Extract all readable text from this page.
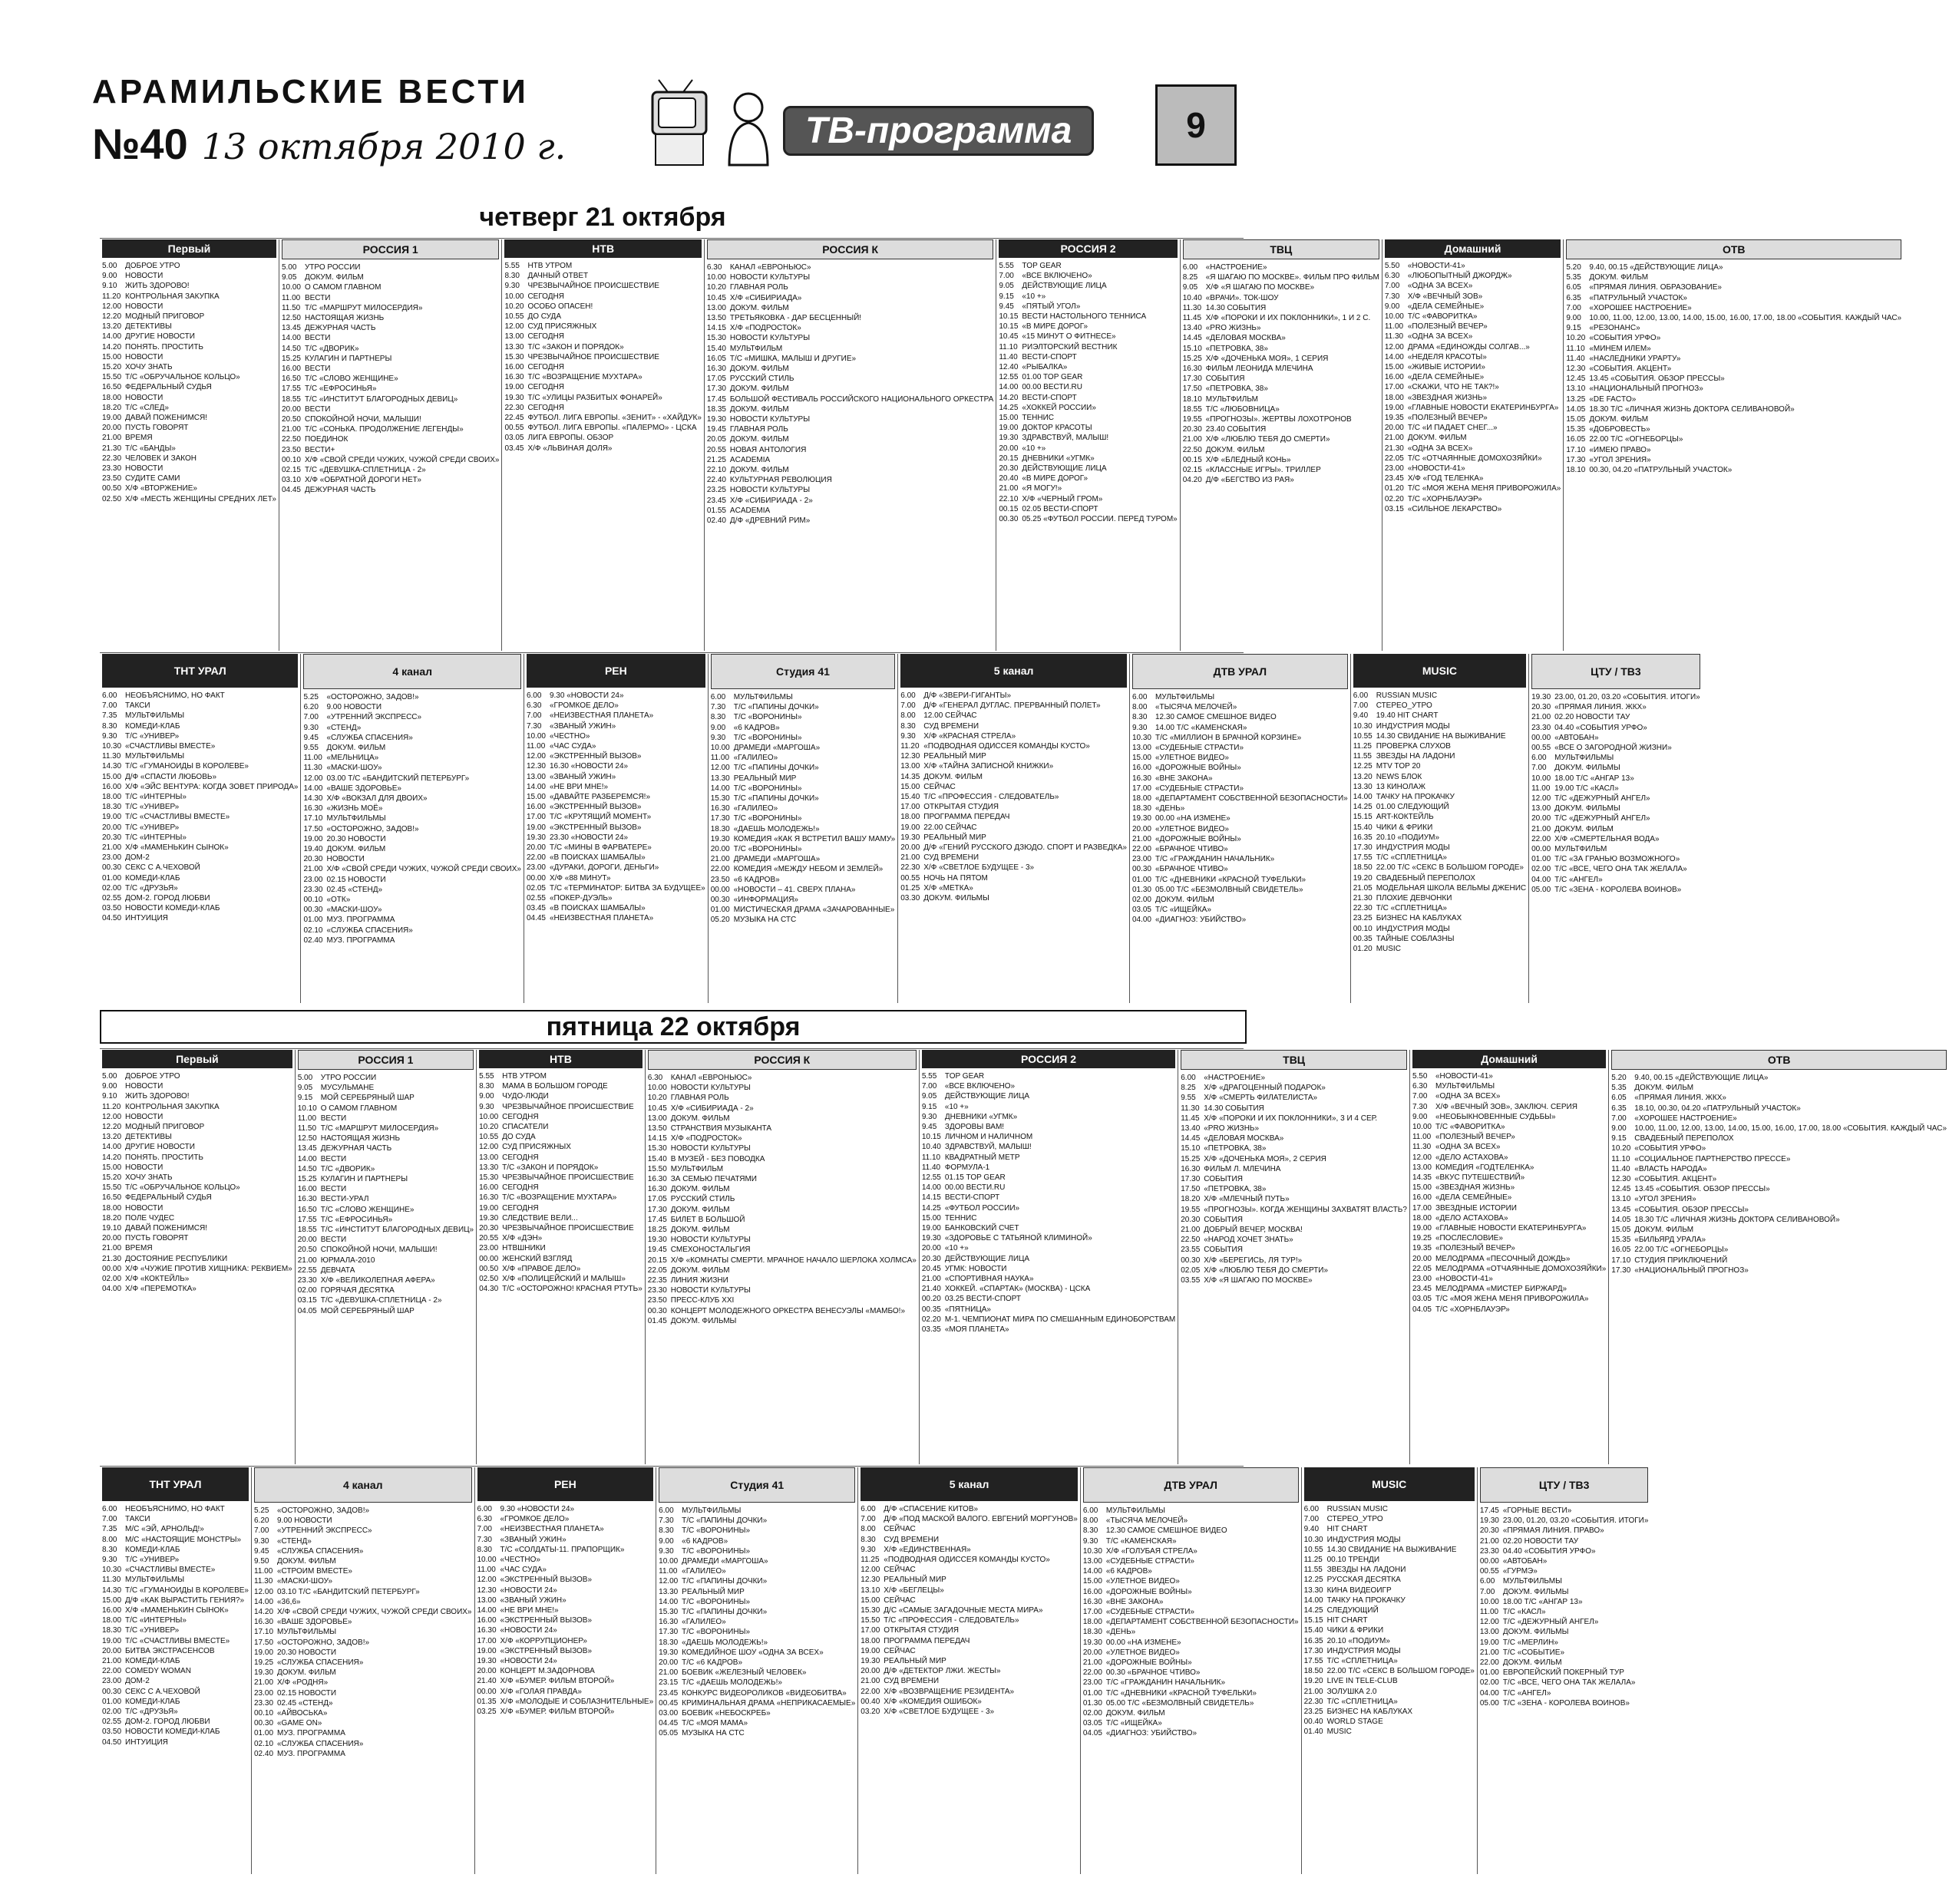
АРАМИЛЬСКИЕ ВЕСТИ
№40 13 октября 2010 г.	ТВ-программа	9
четверг 21 октября
пятница 22 октября
Первый
5.00 ДОБРОЕ УТРО
9.00 НОВОСТИ
9.10 ЖИТЬ ЗДОРОВО!
11.20 КОНТРОЛЬНАЯ ЗАКУПКА
12.00 НОВОСТИ
12.20 МОДНЫЙ ПРИГОВОР
13.20 ДЕТЕКТИВЫ
14.00 ДРУГИЕ НОВОСТИ
14.20 ПОНЯТЬ. ПРОСТИТЬ
15.00 НОВОСТИ
15.20 ХОЧУ ЗНАТЬ
15.50 Т/С «ОБРУЧАЛЬНОЕ КОЛЬЦО»
16.50 ФЕДЕРАЛЬНЫЙ СУДЬЯ
18.00 НОВОСТИ
18.20 Т/С «СЛЕД»
19.00 ДАВАЙ ПОЖЕНИМСЯ!
20.00 ПУСТЬ ГОВОРЯТ
21.00 ВРЕМЯ
21.30 Т/С «БАНДЫ»
22.30 ЧЕЛОВЕК И ЗАКОН
23.30 НОВОСТИ
23.50 СУДИТЕ САМИ
00.50 Х/Ф «ВТОРЖЕНИЕ»
02.50 Х/Ф «МЕСТЬ ЖЕНЩИНЫ СРЕДНИХ ЛЕТ»
РОССИЯ 1
5.00 УТРО РОССИИ
9.05 ДОКУМ. ФИЛЬМ
10.00 О САМОМ ГЛАВНОМ
11.00 ВЕСТИ
11.50 Т/С «МАРШРУТ МИЛОСЕРДИЯ»
12.50 НАСТОЯЩАЯ ЖИЗНЬ
13.45 ДЕЖУРНАЯ ЧАСТЬ
14.00 ВЕСТИ
14.50 Т/С «ДВОРИК»
15.25 КУЛАГИН И ПАРТНЕРЫ
16.00 ВЕСТИ
16.50 Т/С «СЛОВО ЖЕНЩИНЕ»
17.55 Т/С «ЕФРОСИНЬЯ»
18.55 Т/С «ИНСТИТУТ БЛАГОРОДНЫХ ДЕВИЦ»
20.00 ВЕСТИ
20.50 СПОКОЙНОЙ НОЧИ, МАЛЫШИ!
21.00 Т/С «СОНЬКА. ПРОДОЛЖЕНИЕ ЛЕГЕНДЫ»
22.50 ПОЕДИНОК
23.50 ВЕСТИ+
00.10 Х/Ф «СВОЙ СРЕДИ ЧУЖИХ, ЧУЖОЙ СРЕДИ СВОИХ»
02.15 Т/С «ДЕВУШКА-СПЛЕТНИЦА - 2»
03.10 Х/Ф «ОБРАТНОЙ ДОРОГИ НЕТ»
04.45 ДЕЖУРНАЯ ЧАСТЬ
НТВ
5.55 НТВ УТРОМ
8.30 ДАЧНЫЙ ОТВЕТ
9.30 ЧРЕЗВЫЧАЙНОЕ ПРОИСШЕСТВИЕ
10.00 СЕГОДНЯ
10.20 ОСОБО ОПАСЕН!
10.55 ДО СУДА
12.00 СУД ПРИСЯЖНЫХ
13.00 СЕГОДНЯ
13.30 Т/С «ЗАКОН И ПОРЯДОК»
15.30 ЧРЕЗВЫЧАЙНОЕ ПРОИСШЕСТВИЕ
16.00 СЕГОДНЯ
16.30 Т/С «ВОЗРАЩЕНИЕ МУХТАРА»
19.00 СЕГОДНЯ
19.30 Т/С «УЛИЦЫ РАЗБИТЫХ ФОНАРЕЙ»
22.30 СЕГОДНЯ
22.45 ФУТБОЛ. ЛИГА ЕВРОПЫ. «ЗЕНИТ» - «ХАЙДУК»
00.55 ФУТБОЛ. ЛИГА ЕВРОПЫ. «ПАЛЕРМО» - ЦСКА
03.05 ЛИГА ЕВРОПЫ. ОБЗОР
03.45 Х/Ф «ЛЬВИНАЯ ДОЛЯ»
РОССИЯ К
6.30 КАНАЛ «ЕВРОНЬЮС»
10.00 НОВОСТИ КУЛЬТУРЫ
10.20 ГЛАВНАЯ РОЛЬ
10.45 Х/Ф «СИБИРИАДА»
13.00 ДОКУМ. ФИЛЬМ
13.50 ТРЕТЬЯКОВКА - ДАР БЕСЦЕННЫЙ!
14.15 Х/Ф «ПОДРОСТОК»
15.30 НОВОСТИ КУЛЬТУРЫ
15.40 МУЛЬТФИЛЬМ
16.05 Т/С «МИШКА, МАЛЫШ И ДРУГИЕ»
16.30 ДОКУМ. ФИЛЬМ
17.05 РУССКИЙ СТИЛЬ
17.30 ДОКУМ. ФИЛЬМ
17.45 БОЛЬШОЙ ФЕСТИВАЛЬ РОССИЙСКОГО НАЦИОНАЛЬНОГО ОРКЕСТРА
18.35 ДОКУМ. ФИЛЬМ
19.30 НОВОСТИ КУЛЬТУРЫ
19.45 ГЛАВНАЯ РОЛЬ
20.05 ДОКУМ. ФИЛЬМ
20.55 НОВАЯ АНТОЛОГИЯ
21.25 ACADEMIA
22.10 ДОКУМ. ФИЛЬМ
22.40 КУЛЬТУРНАЯ РЕВОЛЮЦИЯ
23.25 НОВОСТИ КУЛЬТУРЫ
23.45 Х/Ф «СИБИРИАДА - 2»
01.55 ACADEMIA
02.40 Д/Ф «ДРЕВНИЙ РИМ»
РОССИЯ 2
5.55 TOP GEAR
7.00 «ВСЕ ВКЛЮЧЕНО»
9.05 ДЕЙСТВУЮЩИЕ ЛИЦА
9.15 «10 +»
9.45 «ПЯТЫЙ УГОЛ»
10.15 ВЕСТИ НАСТОЛЬНОГО ТЕННИСА
10.15 «В МИРЕ ДОРОГ»
10.45 «15 МИНУТ О ФИТНЕСЕ»
11.10 РИЭЛТОРСКИЙ ВЕСТНИК
11.40 ВЕСТИ-СПОРТ
12.40 «РЫБАЛКА»
12.55 01.00 TOP GEAR
14.00 00.00 ВЕСТИ.RU
14.20 ВЕСТИ-СПОРТ
14.25 «ХОККЕЙ РОССИИ»
15.00 ТЕННИС
19.00 ДОКТОР КРАСОТЫ
19.30 ЗДРАВСТВУЙ, МАЛЫШ!
20.00 «10 +»
20.15 ДНЕВНИКИ «УГМК»
20.30 ДЕЙСТВУЮЩИЕ ЛИЦА
20.40 «В МИРЕ ДОРОГ»
21.00 «Я МОГУ!»
22.10 Х/Ф «ЧЕРНЫЙ ГРОМ»
00.15 02.05 ВЕСТИ-СПОРТ
00.30 05.25 «ФУТБОЛ РОССИИ. ПЕРЕД ТУРОМ»
ТВЦ
6.00 «НАСТРОЕНИЕ»
8.25 «Я ШАГАЮ ПО МОСКВЕ». ФИЛЬМ ПРО ФИЛЬМ
9.05 Х/Ф «Я ШАГАЮ ПО МОСКВЕ»
10.40 «ВРАЧИ». ТОК-ШОУ
11.30 14.30 СОБЫТИЯ
11.45 Х/Ф «ПОРОКИ И ИХ ПОКЛОННИКИ», 1 И 2 С.
13.40 «PRO ЖИЗНЬ»
14.45 «ДЕЛОВАЯ МОСКВА»
15.10 «ПЕТРОВКА, 38»
15.25 Х/Ф «ДОЧЕНЬКА МОЯ», 1 СЕРИЯ
16.30 ФИЛЬМ ЛЕОНИДА МЛЕЧИНА
17.30 СОБЫТИЯ
17.50 «ПЕТРОВКА, 38»
18.10 МУЛЬТФИЛЬМ
18.55 Т/С «ЛЮБОВНИЦА»
19.55 «ПРОГНОЗЫ». ЖЕРТВЫ ЛОХОТРОНОВ
20.30 23.40 СОБЫТИЯ
21.00 Х/Ф «ЛЮБЛЮ ТЕБЯ ДО СМЕРТИ»
22.50 ДОКУМ. ФИЛЬМ
00.15 Х/Ф «БЛЕДНЫЙ КОНЬ»
02.15 «КЛАССНЫЕ ИГРЫ». ТРИЛЛЕР
04.20 Д/Ф «БЕГСТВО ИЗ РАЯ»
Домашний
5.50 «НОВОСТИ-41»
6.30 «ЛЮБОПЫТНЫЙ ДЖОРДЖ»
7.00 «ОДНА ЗА ВСЕХ»
7.30 Х/Ф «ВЕЧНЫЙ ЗОВ»
9.00 «ДЕЛА СЕМЕЙНЫЕ»
10.00 Т/С «ФАВОРИТКА»
11.00 «ПОЛЕЗНЫЙ ВЕЧЕР»
11.30 «ОДНА ЗА ВСЕХ»
12.00 ДРАМА «ЕДИНОЖДЫ СОЛГАВ...»
14.00 «НЕДЕЛЯ КРАСОТЫ»
15.00 «ЖИВЫЕ ИСТОРИИ»
16.00 «ДЕЛА СЕМЕЙНЫЕ»
17.00 «СКАЖИ, ЧТО НЕ ТАК?!»
18.00 «ЗВЕЗДНАЯ ЖИЗНЬ»
19.00 «ГЛАВНЫЕ НОВОСТИ ЕКАТЕРИНБУРГА»
19.35 «ПОЛЕЗНЫЙ ВЕЧЕР»
20.00 Т/С «И ПАДАЕТ СНЕГ...»
21.00 ДОКУМ. ФИЛЬМ
21.30 «ОДНА ЗА ВСЕХ»
22.05 Т/С «ОТЧАЯННЫЕ ДОМОХОЗЯЙКИ»
23.00 «НОВОСТИ-41»
23.45 Х/Ф «ГОД ТЕЛЕНКА»
01.20 Т/С «МОЯ ЖЕНА МЕНЯ ПРИВОРОЖИЛА»
02.20 Т/С «ХОРНБЛАУЭР»
03.15 «СИЛЬНОЕ ЛЕКАРСТВО»
ОТВ
5.20 9.40, 00.15 «ДЕЙСТВУЮЩИЕ ЛИЦА»
5.35 ДОКУМ. ФИЛЬМ
6.05 «ПРЯМАЯ ЛИНИЯ. ОБРАЗОВАНИЕ»
6.35 «ПАТРУЛЬНЫЙ УЧАСТОК»
7.00 «ХОРОШЕЕ НАСТРОЕНИЕ»
9.00 10.00, 11.00, 12.00, 13.00, 14.00, 15.00, 16.00, 17.00, 18.00 «СОБЫТИЯ. КАЖДЫЙ ЧАС»
9.15 «РЕЗОНАНС»
10.20 «СОБЫТИЯ УРФО»
11.10 «МИНЕМ ИЛЕМ»
11.40 «НАСЛЕДНИКИ УРАРТУ»
12.30 «СОБЫТИЯ. АКЦЕНТ»
12.45 13.45 «СОБЫТИЯ. ОБЗОР ПРЕССЫ»
13.10 «НАЦИОНАЛЬНЫЙ ПРОГНОЗ»
13.25 «DE FACTO»
14.05 18.30 Т/С «ЛИЧНАЯ ЖИЗНЬ ДОКТОРА СЕЛИВАНОВОЙ»
15.05 ДОКУМ. ФИЛЬМ
15.35 «ДОБРОВЕСТЬ»
16.05 22.00 Т/С «ОГНЕБОРЦЫ»
17.10 «ИМЕЮ ПРАВО»
17.30 «УГОЛ ЗРЕНИЯ»
18.10 00.30, 04.20 «ПАТРУЛЬНЫЙ УЧАСТОК»
ТНТ УРАЛ
6.00 НЕОБЪЯСНИМО, НО ФАКТ
7.00 ТАКСИ
7.35 МУЛЬТФИЛЬМЫ
8.30 КОМЕДИ-КЛАБ
9.30 Т/С «УНИВЕР»
10.30 «СЧАСТЛИВЫ ВМЕСТЕ»
11.30 МУЛЬТФИЛЬМЫ
14.30 Т/С «ГУМАНОИДЫ В КОРОЛЕВЕ»
15.00 Д/Ф «СПАСТИ ЛЮБОВЬ»
16.00 Х/Ф «ЭЙС ВЕНТУРА: КОГДА ЗОВЕТ ПРИРОДА»
18.00 Т/С «ИНТЕРНЫ»
18.30 Т/С «УНИВЕР»
19.00 Т/С «СЧАСТЛИВЫ ВМЕСТЕ»
20.00 Т/С «УНИВЕР»
20.30 Т/С «ИНТЕРНЫ»
21.00 Х/Ф «МАМЕНЬКИН СЫНОК»
23.00 ДОМ-2
00.30 СЕКС С А.ЧЕХОВОЙ
01.00 КОМЕДИ-КЛАБ
02.00 Т/С «ДРУЗЬЯ»
02.55 ДОМ-2. ГОРОД ЛЮБВИ
03.50 НОВОСТИ КОМЕДИ-КЛАБ
04.50 ИНТУИЦИЯ
4 канал
5.25 «ОСТОРОЖНО, ЗАДОВ!»
6.20 9.00 НОВОСТИ
7.00 «УТРЕННИЙ ЭКСПРЕСС»
9.30 «СТЕНД»
9.45 «СЛУЖБА СПАСЕНИЯ»
9.55 ДОКУМ. ФИЛЬМ
11.00 «МЕЛЬНИЦА»
11.30 «МАСКИ-ШОУ»
12.00 03.00 Т/С «БАНДИТСКИЙ ПЕТЕРБУРГ»
14.00 «ВАШЕ ЗДОРОВЬЕ»
14.30 Х/Ф «ВОКЗАЛ ДЛЯ ДВОИХ»
16.30 «ЖИЗНЬ МОЁ»
17.10 МУЛЬТФИЛЬМЫ
17.50 «ОСТОРОЖНО, ЗАДОВ!»
19.00 20.30 НОВОСТИ
19.40 ДОКУМ. ФИЛЬМ
20.30 НОВОСТИ
21.00 Х/Ф «СВОЙ СРЕДИ ЧУЖИХ, ЧУЖОЙ СРЕДИ СВОИХ»
23.00 02.15 НОВОСТИ
23.30 02.45 «СТЕНД»
00.10 «ОТК»
00.30 «МАСКИ-ШОУ»
01.00 МУЗ. ПРОГРАММА
02.10 «СЛУЖБА СПАСЕНИЯ»
02.40 МУЗ. ПРОГРАММА
РЕН
6.00 9.30 «НОВОСТИ 24»
6.30 «ГРОМКОЕ ДЕЛО»
7.00 «НЕИЗВЕСТНАЯ ПЛАНЕТА»
7.30 «ЗВАНЫЙ УЖИН»
10.00 «ЧЕСТНО»
11.00 «ЧАС СУДА»
12.00 «ЭКСТРЕННЫЙ ВЫЗОВ»
12.30 16.30 «НОВОСТИ 24»
13.00 «ЗВАНЫЙ УЖИН»
14.00 «НЕ ВРИ МНЕ!»
15.00 «ДАВАЙТЕ РАЗБЕРЕМСЯ!»
16.00 «ЭКСТРЕННЫЙ ВЫЗОВ»
17.00 Т/С «КРУТЯЩИЙ МОМЕНТ»
19.00 «ЭКСТРЕННЫЙ ВЫЗОВ»
19.30 23.30 «НОВОСТИ 24»
20.00 Т/С «МИНЫ В ФАРВАТЕРЕ»
22.00 «В ПОИСКАХ ШАМБАЛЫ»
23.00 «ДУРАКИ, ДОРОГИ, ДЕНЬГИ»
00.00 Х/Ф «88 МИНУТ»
02.05 Т/С «ТЕРМИНАТОР: БИТВА ЗА БУДУЩЕЕ»
02.55 «ПОКЕР-ДУЭЛЬ»
03.45 «В ПОИСКАХ ШАМБАЛЫ»
04.45 «НЕИЗВЕСТНАЯ ПЛАНЕТА»
Студия 41
6.00 МУЛЬТФИЛЬМЫ
7.30 Т/С «ПАПИНЫ ДОЧКИ»
8.30 Т/С «ВОРОНИНЫ»
9.00 «6 КАДРОВ»
9.30 Т/С «ВОРОНИНЫ»
10.00 ДРАМЕДИ «МАРГОША»
11.00 «ГАЛИЛЕО»
12.00 Т/С «ПАПИНЫ ДОЧКИ»
13.30 РЕАЛЬНЫЙ МИР
14.00 Т/С «ВОРОНИНЫ»
15.30 Т/С «ПАПИНЫ ДОЧКИ»
16.30 «ГАЛИЛЕО»
17.30 Т/С «ВОРОНИНЫ»
18.30 «ДАЕШЬ МОЛОДЕЖЬ!»
19.30 КОМЕДИЯ «КАК Я ВСТРЕТИЛ ВАШУ МАМУ»
20.00 Т/С «ВОРОНИНЫ»
21.00 ДРАМЕДИ «МАРГОША»
22.00 КОМЕДИЯ «МЕЖДУ НЕБОМ И ЗЕМЛЕЙ»
23.50 «6 КАДРОВ»
00.00 «НОВОСТИ – 41. СВЕРХ ПЛАНА»
00.30 «ИНФОРМАЦИЯ»
01.00 МИСТИЧЕСКАЯ ДРАМА «ЗАЧАРОВАННЫЕ»
05.20 МУЗЫКА НА СТС
5 канал
6.00 Д/Ф «ЗВЕРИ-ГИГАНТЫ»
7.00 Д/Ф «ГЕНЕРАЛ ДУГЛАС. ПРЕРВАННЫЙ ПОЛЕТ»
8.00 12.00 СЕЙЧАС
8.30 СУД ВРЕМЕНИ
9.30 Х/Ф «КРАСНАЯ СТРЕЛА»
11.20 «ПОДВОДНАЯ ОДИССЕЯ КОМАНДЫ КУСТО»
12.30 РЕАЛЬНЫЙ МИР
13.00 Х/Ф «ТАЙНА ЗАПИСНОЙ КНИЖКИ»
14.35 ДОКУМ. ФИЛЬМ
15.00 СЕЙЧАС
15.40 Т/С «ПРОФЕССИЯ - СЛЕДОВАТЕЛЬ»
17.00 ОТКРЫТАЯ СТУДИЯ
18.00 ПРОГРАММА ПЕРЕДАЧ
19.00 22.00 СЕЙЧАС
19.30 РЕАЛЬНЫЙ МИР
20.00 Д/Ф «ГЕНИЙ РУССКОГО ДЗЮДО. СПОРТ И РАЗВЕДКА»
21.00 СУД ВРЕМЕНИ
22.30 Х/Ф «СВЕТЛОЕ БУДУЩЕЕ - 3»
00.55 НОЧЬ НА ПЯТОМ
01.25 Х/Ф «МЕТКА»
03.30 ДОКУМ. ФИЛЬМЫ
ДТВ УРАЛ
6.00 МУЛЬТФИЛЬМЫ
8.00 «ТЫСЯЧА МЕЛОЧЕЙ»
8.30 12.30 САМОЕ СМЕШНОЕ ВИДЕО
9.30 14.00 Т/С «КАМЕНСКАЯ»
10.30 Т/С «МИЛЛИОН В БРАЧНОЙ КОРЗИНЕ»
13.00 «СУДЕБНЫЕ СТРАСТИ»
15.00 «УЛЕТНОЕ ВИДЕО»
16.00 «ДОРОЖНЫЕ ВОЙНЫ»
16.30 «ВНЕ ЗАКОНА»
17.00 «СУДЕБНЫЕ СТРАСТИ»
18.00 «ДЕПАРТАМЕНТ СОБСТВЕННОЙ БЕЗОПАСНОСТИ»
18.30 «ДЕНЬ»
19.30 00.00 «НА ИЗМЕНЕ»
20.00 «УЛЕТНОЕ ВИДЕО»
21.00 «ДОРОЖНЫЕ ВОЙНЫ»
22.00 «БРАЧНОЕ ЧТИВО»
23.00 Т/С «ГРАЖДАНИН НАЧАЛЬНИК»
00.30 «БРАЧНОЕ ЧТИВО»
01.00 Т/С «ДНЕВНИКИ «КРАСНОЙ ТУФЕЛЬКИ»
01.30 05.00 Т/С «БЕЗМОЛВНЫЙ СВИДЕТЕЛЬ»
02.00 ДОКУМ. ФИЛЬМ
03.05 Т/С «ИЩЕЙКА»
04.00 «ДИАГНОЗ: УБИЙСТВО»
MUSIC
6.00 RUSSIAN MUSIC
7.00 СТЕРЕО_УТРО
9.40 19.40 HIT CHART
10.30 ИНДУСТРИЯ МОДЫ
10.55 14.30 СВИДАНИЕ НА ВЫЖИВАНИЕ
11.25 ПРОВЕРКА СЛУХОВ
11.55 ЗВЕЗДЫ НА ЛАДОНИ
12.25 MTV TOP 20
13.20 NEWS БЛОК
13.30 13 КИНОЛАЖ
14.00 ТАЧКУ НА ПРОКАЧКУ
14.25 01.00 СЛЕДУЮЩИЙ
15.15 ART-КОКТЕЙЛЬ
15.40 ЧИКИ & ФРИКИ
16.35 20.10 «ПОДИУМ»
17.30 ИНДУСТРИЯ МОДЫ
17.55 Т/С «СПЛЕТНИЦА»
18.50 22.00 Т/С «СЕКС В БОЛЬШОМ ГОРОДЕ»
19.20 СВАДЕБНЫЙ ПЕРЕПОЛОХ
21.05 МОДЕЛЬНАЯ ШКОЛА ВЕЛЬМЫ ДЖЕНИС
21.30 ПЛОХИЕ ДЕВЧОНКИ
22.30 Т/С «СПЛЕТНИЦА»
23.25 БИЗНЕС НА КАБЛУКАХ
00.10 ИНДУСТРИЯ МОДЫ
00.35 ТАЙНЫЕ СОБЛАЗНЫ
01.20 MUSIC
ЦТУ / ТВ3
19.30 23.00, 01.20, 03.20 «СОБЫТИЯ. ИТОГИ»
20.30 «ПРЯМАЯ ЛИНИЯ. ЖКХ»
21.00 02.20 НОВОСТИ ТАУ
23.30 04.40 «СОБЫТИЯ УРФО»
00.00 «АВТОБАН»
00.55 «ВСЕ О ЗАГОРОДНОЙ ЖИЗНИ»
6.00 МУЛЬТФИЛЬМЫ
7.00 ДОКУМ. ФИЛЬМЫ
10.00 18.00 Т/С «АНГАР 13»
11.00 19.00 Т/С «КАСЛ»
12.00 Т/С «ДЕЖУРНЫЙ АНГЕЛ»
13.00 ДОКУМ. ФИЛЬМЫ
20.00 Т/С «ДЕЖУРНЫЙ АНГЕЛ»
21.00 ДОКУМ. ФИЛЬМ
22.00 Х/Ф «СМЕРТЕЛЬНАЯ ВОДА»
00.00 МУЛЬТФИЛЬМ
01.00 Т/С «ЗА ГРАНЬЮ ВОЗМОЖНОГО»
02.00 Т/С «ВСЕ, ЧЕГО ОНА ТАК ЖЕЛАЛА»
04.00 Т/С «АНГЕЛ»
05.00 Т/С «ЗЕНА - КОРОЛЕВА ВОИНОВ»
Первый
5.00 ДОБРОЕ УТРО
9.00 НОВОСТИ
9.10 ЖИТЬ ЗДОРОВО!
11.20 КОНТРОЛЬНАЯ ЗАКУПКА
12.00 НОВОСТИ
12.20 МОДНЫЙ ПРИГОВОР
13.20 ДЕТЕКТИВЫ
14.00 ДРУГИЕ НОВОСТИ
14.20 ПОНЯТЬ. ПРОСТИТЬ
15.00 НОВОСТИ
15.20 ХОЧУ ЗНАТЬ
15.50 Т/С «ОБРУЧАЛЬНОЕ КОЛЬЦО»
16.50 ФЕДЕРАЛЬНЫЙ СУДЬЯ
18.00 НОВОСТИ
18.20 ПОЛЕ ЧУДЕС
19.10 ДАВАЙ ПОЖЕНИМСЯ!
20.00 ПУСТЬ ГОВОРЯТ
21.00 ВРЕМЯ
21.30 ДОСТОЯНИЕ РЕСПУБЛИКИ
00.00 Х/Ф «ЧУЖИЕ ПРОТИВ ХИЩНИКА: РЕКВИЕМ»
02.00 Х/Ф «КОКТЕЙЛЬ»
04.00 Х/Ф «ПЕРЕМОТКА»
РОССИЯ 1
5.00 УТРО РОССИИ
9.05 МУСУЛЬМАНЕ
9.15 МОЙ СЕРЕБРЯНЫЙ ШАР
10.10 О САМОМ ГЛАВНОМ
11.00 ВЕСТИ
11.50 Т/С «МАРШРУТ МИЛОСЕРДИЯ»
12.50 НАСТОЯЩАЯ ЖИЗНЬ
13.45 ДЕЖУРНАЯ ЧАСТЬ
14.00 ВЕСТИ
14.50 Т/С «ДВОРИК»
15.25 КУЛАГИН И ПАРТНЕРЫ
16.00 ВЕСТИ
16.30 ВЕСТИ-УРАЛ
16.50 Т/С «СЛОВО ЖЕНЩИНЕ»
17.55 Т/С «ЕФРОСИНЬЯ»
18.55 Т/С «ИНСТИТУТ БЛАГОРОДНЫХ ДЕВИЦ»
20.00 ВЕСТИ
20.50 СПОКОЙНОЙ НОЧИ, МАЛЫШИ!
21.00 ЮРМАЛА-2010
22.55 ДЕВЧАТА
23.30 Х/Ф «ВЕЛИКОЛЕПНАЯ АФЕРА»
02.00 ГОРЯЧАЯ ДЕСЯТКА
03.15 Т/С «ДЕВУШКА-СПЛЕТНИЦА - 2»
04.05 МОЙ СЕРЕБРЯНЫЙ ШАР
НТВ
5.55 НТВ УТРОМ
8.30 МАМА В БОЛЬШОМ ГОРОДЕ
9.00 ЧУДО-ЛЮДИ
9.30 ЧРЕЗВЫЧАЙНОЕ ПРОИСШЕСТВИЕ
10.00 СЕГОДНЯ
10.20 СПАСАТЕЛИ
10.55 ДО СУДА
12.00 СУД ПРИСЯЖНЫХ
13.00 СЕГОДНЯ
13.30 Т/С «ЗАКОН И ПОРЯДОК»
15.30 ЧРЕЗВЫЧАЙНОЕ ПРОИСШЕСТВИЕ
16.00 СЕГОДНЯ
16.30 Т/С «ВОЗРАЩЕНИЕ МУХТАРА»
19.00 СЕГОДНЯ
19.30 СЛЕДСТВИЕ ВЕЛИ...
20.30 ЧРЕЗВЫЧАЙНОЕ ПРОИСШЕСТВИЕ
20.55 Х/Ф «ДЭН»
23.00 НТВШНИКИ
00.00 ЖЕНСКИЙ ВЗГЛЯД
00.50 Х/Ф «ПРАВОЕ ДЕЛО»
02.50 Х/Ф «ПОЛИЦЕЙСКИЙ И МАЛЫШ»
04.30 Т/С «ОСТОРОЖНО! КРАСНАЯ РТУТЬ»
РОССИЯ К
6.30 КАНАЛ «ЕВРОНЬЮС»
10.00 НОВОСТИ КУЛЬТУРЫ
10.20 ГЛАВНАЯ РОЛЬ
10.45 Х/Ф «СИБИРИАДА - 2»
13.00 ДОКУМ. ФИЛЬМ
13.50 СТРАНСТВИЯ МУЗЫКАНТА
14.15 Х/Ф «ПОДРОСТОК»
15.30 НОВОСТИ КУЛЬТУРЫ
15.40 В МУЗЕЙ - БЕЗ ПОВОДКА
15.50 МУЛЬТФИЛЬМ
16.30 ЗА СЕМЬЮ ПЕЧАТЯМИ
16.30 ДОКУМ. ФИЛЬМ
17.05 РУССКИЙ СТИЛЬ
17.30 ДОКУМ. ФИЛЬМ
17.45 БИЛЕТ В БОЛЬШОЙ
18.25 ДОКУМ. ФИЛЬМ
19.30 НОВОСТИ КУЛЬТУРЫ
19.45 СМЕХОНОСТАЛЬГИЯ
20.15 Х/Ф «КОМНАТЫ СМЕРТИ. МРАЧНОЕ НАЧАЛО ШЕРЛОКА ХОЛМСА»
22.05 ДОКУМ. ФИЛЬМ
22.35 ЛИНИЯ ЖИЗНИ
23.30 НОВОСТИ КУЛЬТУРЫ
23.50 ПРЕСС-КЛУБ XXI
00.30 КОНЦЕРТ МОЛОДЕЖНОГО ОРКЕСТРА ВЕНЕСУЭЛЫ «МАМБО!»
01.45 ДОКУМ. ФИЛЬМЫ
РОССИЯ 2
5.55 TOP GEAR
7.00 «ВСЕ ВКЛЮЧЕНО»
9.05 ДЕЙСТВУЮЩИЕ ЛИЦА
9.15 «10 +»
9.30 ДНЕВНИКИ «УГМК»
9.45 ЗДОРОВЫ ВАМ!
10.15 ЛИЧНОМ И НАЛИЧНОМ
10.40 ЗДРАВСТВУЙ, МАЛЫШ!
11.10 КВАДРАТНЫЙ МЕТР
11.40 ФОРМУЛА-1
12.55 01.15 TOP GEAR
14.00 00.00 ВЕСТИ.RU
14.15 ВЕСТИ-СПОРТ
14.25 «ФУТБОЛ РОССИИ»
15.00 ТЕННИС
19.00 БАНКОВСКИЙ СЧЕТ
19.30 «ЗДОРОВЬЕ С ТАТЬЯНОЙ КЛИМИНОЙ»
20.00 «10 +»
20.30 ДЕЙСТВУЮЩИЕ ЛИЦА
20.45 УГМК: НОВОСТИ
21.00 «СПОРТИВНАЯ НАУКА»
21.40 ХОККЕЙ. «СПАРТАК» (МОСКВА) - ЦСКА
00.20 03.25 ВЕСТИ-СПОРТ
00.35 «ПЯТНИЦА»
02.20 М-1. ЧЕМПИОНАТ МИРА ПО СМЕШАННЫМ ЕДИНОБОРСТВАМ
03.35 «МОЯ ПЛАНЕТА»
ТВЦ
6.00 «НАСТРОЕНИЕ»
8.25 Х/Ф «ДРАГОЦЕННЫЙ ПОДАРОК»
9.55 Х/Ф «СМЕРТЬ ФИЛАТЕЛИСТА»
11.30 14.30 СОБЫТИЯ
11.45 Х/Ф «ПОРОКИ И ИХ ПОКЛОННИКИ», 3 И 4 СЕР.
13.40 «PRO ЖИЗНЬ»
14.45 «ДЕЛОВАЯ МОСКВА»
15.10 «ПЕТРОВКА, 38»
15.25 Х/Ф «ДОЧЕНЬКА МОЯ», 2 СЕРИЯ
16.30 ФИЛЬМ Л. МЛЕЧИНА
17.30 СОБЫТИЯ
17.50 «ПЕТРОВКА, 38»
18.20 Х/Ф «МЛЕЧНЫЙ ПУТЬ»
19.55 «ПРОГНОЗЫ». КОГДА ЖЕНЩИНЫ ЗАХВАТЯТ ВЛАСТЬ?
20.30 СОБЫТИЯ
21.00 ДОБРЫЙ ВЕЧЕР, МОСКВА!
22.50 «НАРОД ХОЧЕТ ЗНАТЬ»
23.55 СОБЫТИЯ
00.30 Х/Ф «БЕРЕГИСЬ, ЛЯ ТУР!»
02.05 Х/Ф «ЛЮБЛЮ ТЕБЯ ДО СМЕРТИ»
03.55 Х/Ф «Я ШАГАЮ ПО МОСКВЕ»
Домашний
5.50 «НОВОСТИ-41»
6.30 МУЛЬТФИЛЬМЫ
7.00 «ОДНА ЗА ВСЕХ»
7.30 Х/Ф «ВЕЧНЫЙ ЗОВ», ЗАКЛЮЧ. СЕРИЯ
9.00 «НЕОБЫКНОВЕННЫЕ СУДЬБЫ»
10.00 Т/С «ФАВОРИТКА»
11.00 «ПОЛЕЗНЫЙ ВЕЧЕР»
11.30 «ОДНА ЗА ВСЕХ»
12.00 «ДЕЛО АСТАХОВА»
13.00 КОМЕДИЯ «ГОДТЕЛЕНКА»
14.35 «ВКУС ПУТЕШЕСТВИЙ»
15.00 «ЗВЕЗДНАЯ ЖИЗНЬ»
16.00 «ДЕЛА СЕМЕЙНЫЕ»
17.00 ЗВЕЗДНЫЕ ИСТОРИИ
18.00 «ДЕЛО АСТАХОВА»
19.00 «ГЛАВНЫЕ НОВОСТИ ЕКАТЕРИНБУРГА»
19.25 «ПОСЛЕСЛОВИЕ»
19.35 «ПОЛЕЗНЫЙ ВЕЧЕР»
20.00 МЕЛОДРАМА «ПЕСОЧНЫЙ ДОЖДЬ»
22.05 МЕЛОДРАМА «ОТЧАЯННЫЕ ДОМОХОЗЯЙКИ»
23.00 «НОВОСТИ-41»
23.45 МЕЛОДРАМА «МИСТЕР БИРЖАРД»
03.05 Т/С «МОЯ ЖЕНА МЕНЯ ПРИВОРОЖИЛА»
04.05 Т/С «ХОРНБЛАУЭР»
ОТВ
5.20 9.40, 00.15 «ДЕЙСТВУЮЩИЕ ЛИЦА»
5.35 ДОКУМ. ФИЛЬМ
6.05 «ПРЯМАЯ ЛИНИЯ. ЖКХ»
6.35 18.10, 00.30, 04.20 «ПАТРУЛЬНЫЙ УЧАСТОК»
7.00 «ХОРОШЕЕ НАСТРОЕНИЕ»
9.00 10.00, 11.00, 12.00, 13.00, 14.00, 15.00, 16.00, 17.00, 18.00 «СОБЫТИЯ. КАЖДЫЙ ЧАС»
9.15 СВАДЕБНЫЙ ПЕРЕПОЛОХ
10.20 «СОБЫТИЯ УРФО»
11.10 «СОЦИАЛЬНОЕ ПАРТНЕРСТВО ПРЕССЕ»
11.40 «ВЛАСТЬ НАРОДА»
12.30 «СОБЫТИЯ. АКЦЕНТ»
12.45 13.45 «СОБЫТИЯ. ОБЗОР ПРЕССЫ»
13.10 «УГОЛ ЗРЕНИЯ»
13.45 «СОБЫТИЯ. ОБЗОР ПРЕССЫ»
14.05 18.30 Т/С «ЛИЧНАЯ ЖИЗНЬ ДОКТОРА СЕЛИВАНОВОЙ»
15.05 ДОКУМ. ФИЛЬМ
15.35 «БИЛЬЯРД УРАЛА»
16.05 22.00 Т/С «ОГНЕБОРЦЫ»
17.10 СТУДИЯ ПРИКЛЮЧЕНИЙ
17.30 «НАЦИОНАЛЬНЫЙ ПРОГНОЗ»
ТНТ УРАЛ
6.00 НЕОБЪЯСНИМО, НО ФАКТ
7.00 ТАКСИ
7.35 М/С «ЭЙ, АРНОЛЬД!»
8.00 М/С «НАСТОЯЩИЕ МОНСТРЫ»
8.30 КОМЕДИ-КЛАБ
9.30 Т/С «УНИВЕР»
10.30 «СЧАСТЛИВЫ ВМЕСТЕ»
11.30 МУЛЬТФИЛЬМЫ
14.30 Т/С «ГУМАНОИДЫ В КОРОЛЕВЕ»
15.00 Д/Ф «КАК ВЫРАСТИТЬ ГЕНИЯ?»
16.00 Х/Ф «МАМЕНЬКИН СЫНОК»
18.00 Т/С «ИНТЕРНЫ»
18.30 Т/С «УНИВЕР»
19.00 Т/С «СЧАСТЛИВЫ ВМЕСТЕ»
20.00 БИТВА ЭКСТРАСЕНСОВ
21.00 КОМЕДИ-КЛАБ
22.00 COMEDY WOMAN
23.00 ДОМ-2
00.30 СЕКС С А.ЧЕХОВОЙ
01.00 КОМЕДИ-КЛАБ
02.00 Т/С «ДРУЗЬЯ»
02.55 ДОМ-2. ГОРОД ЛЮБВИ
03.50 НОВОСТИ КОМЕДИ-КЛАБ
04.50 ИНТУИЦИЯ
4 канал
5.25 «ОСТОРОЖНО, ЗАДОВ!»
6.20 9.00 НОВОСТИ
7.00 «УТРЕННИЙ ЭКСПРЕСС»
9.30 «СТЕНД»
9.45 «СЛУЖБА СПАСЕНИЯ»
9.50 ДОКУМ. ФИЛЬМ
11.00 «СТРОИМ ВМЕСТЕ»
11.30 «МАСКИ-ШОУ»
12.00 03.10 Т/С «БАНДИТСКИЙ ПЕТЕРБУРГ»
14.00 «36,6»
14.20 Х/Ф «СВОЙ СРЕДИ ЧУЖИХ, ЧУЖОЙ СРЕДИ СВОИХ»
16.30 «ВАШЕ ЗДОРОВЬЕ»
17.10 МУЛЬТФИЛЬМЫ
17.50 «ОСТОРОЖНО, ЗАДОВ!»
19.00 20.30 НОВОСТИ
19.25 «СЛУЖБА СПАСЕНИЯ»
19.30 ДОКУМ. ФИЛЬМ
21.00 Х/Ф «РОДНЯ»
23.00 02.15 НОВОСТИ
23.30 02.45 «СТЕНД»
00.10 «АЙВОСЬКА»
00.30 «GAME ON»
01.00 МУЗ. ПРОГРАММА
02.10 «СЛУЖБА СПАСЕНИЯ»
02.40 МУЗ. ПРОГРАММА
РЕН
6.00 9.30 «НОВОСТИ 24»
6.30 «ГРОМКОЕ ДЕЛО»
7.00 «НЕИЗВЕСТНАЯ ПЛАНЕТА»
7.30 «ЗВАНЫЙ УЖИН»
8.30 Т/С «СОЛДАТЫ-11. ПРАПОРЩИК»
10.00 «ЧЕСТНО»
11.00 «ЧАС СУДА»
12.00 «ЭКСТРЕННЫЙ ВЫЗОВ»
12.30 «НОВОСТИ 24»
13.00 «ЗВАНЫЙ УЖИН»
14.00 «НЕ ВРИ МНЕ!»
16.00 «ЭКСТРЕННЫЙ ВЫЗОВ»
16.30 «НОВОСТИ 24»
17.00 Х/Ф «КОРРУПЦИОНЕР»
19.00 «ЭКСТРЕННЫЙ ВЫЗОВ»
19.30 «НОВОСТИ 24»
20.00 КОНЦЕРТ М.ЗАДОРНОВА
21.40 Х/Ф «БУМЕР. ФИЛЬМ ВТОРОЙ»
00.00 Х/Ф «ГОЛАЯ ПРАВДА»
01.35 Х/Ф «МОЛОДЫЕ И СОБЛАЗНИТЕЛЬНЫЕ»
03.25 Х/Ф «БУМЕР. ФИЛЬМ ВТОРОЙ»
Студия 41
6.00 МУЛЬТФИЛЬМЫ
7.30 Т/С «ПАПИНЫ ДОЧКИ»
8.30 Т/С «ВОРОНИНЫ»
9.00 «6 КАДРОВ»
9.30 Т/С «ВОРОНИНЫ»
10.00 ДРАМЕДИ «МАРГОША»
11.00 «ГАЛИЛЕО»
12.00 Т/С «ПАПИНЫ ДОЧКИ»
13.30 РЕАЛЬНЫЙ МИР
14.00 Т/С «ВОРОНИНЫ»
15.30 Т/С «ПАПИНЫ ДОЧКИ»
16.30 «ГАЛИЛЕО»
17.30 Т/С «ВОРОНИНЫ»
18.30 «ДАЕШЬ МОЛОДЕЖЬ!»
19.30 КОМЕДИЙНОЕ ШОУ «ОДНА ЗА ВСЕХ»
20.00 Т/С «6 КАДРОВ»
21.00 БОЕВИК «ЖЕЛЕЗНЫЙ ЧЕЛОВЕК»
23.15 Т/С «ДАЕШЬ МОЛОДЕЖЬ!»
23.45 КОНКУРС ВИДЕОРОЛИКОВ «ВИДЕОБИТВА»
00.45 КРИМИНАЛЬНАЯ ДРАМА «НЕПРИКАСАЕМЫЕ»
03.00 БОЕВИК «НЕБОСКРЕБ»
04.45 Т/С «МОЯ МАМА»
05.05 МУЗЫКА НА СТС
5 канал
6.00 Д/Ф «СПАСЕНИЕ КИТОВ»
7.00 Д/Ф «ПОД МАСКОЙ ВАЛОГО. ЕВГЕНИЙ МОРГУНОВ»
8.00 СЕЙЧАС
8.30 СУД ВРЕМЕНИ
9.30 Х/Ф «ЕДИНСТВЕННАЯ»
11.25 «ПОДВОДНАЯ ОДИССЕЯ КОМАНДЫ КУСТО»
12.00 СЕЙЧАС
12.30 РЕАЛЬНЫЙ МИР
13.10 Х/Ф «БЕГЛЕЦЫ»
15.00 СЕЙЧАС
15.30 Д/С «САМЫЕ ЗАГАДОЧНЫЕ МЕСТА МИРА»
15.50 Т/С «ПРОФЕССИЯ - СЛЕДОВАТЕЛЬ»
17.00 ОТКРЫТАЯ СТУДИЯ
18.00 ПРОГРАММА ПЕРЕДАЧ
19.00 СЕЙЧАС
19.30 РЕАЛЬНЫЙ МИР
20.00 Д/Ф «ДЕТЕКТОР ЛЖИ. ЖЕСТЫ»
21.00 СУД ВРЕМЕНИ
22.00 Х/Ф «ВОЗВРАЩЕНИЕ РЕЗИДЕНТА»
00.40 Х/Ф «КОМЕДИЯ ОШИБОК»
03.20 Х/Ф «СВЕТЛОЕ БУДУЩЕЕ - 3»
ДТВ УРАЛ
6.00 МУЛЬТФИЛЬМЫ
8.00 «ТЫСЯЧА МЕЛОЧЕЙ»
8.30 12.30 САМОЕ СМЕШНОЕ ВИДЕО
9.30 Т/С «КАМЕНСКАЯ»
10.30 Х/Ф «ГОЛУБАЯ СТРЕЛА»
13.00 «СУДЕБНЫЕ СТРАСТИ»
14.00 «6 КАДРОВ»
15.00 «УЛЕТНОЕ ВИДЕО»
16.00 «ДОРОЖНЫЕ ВОЙНЫ»
16.30 «ВНЕ ЗАКОНА»
17.00 «СУДЕБНЫЕ СТРАСТИ»
18.00 «ДЕПАРТАМЕНТ СОБСТВЕННОЙ БЕЗОПАСНОСТИ»
18.30 «ДЕНЬ»
19.30 00.00 «НА ИЗМЕНЕ»
20.00 «УЛЕТНОЕ ВИДЕО»
21.00 «ДОРОЖНЫЕ ВОЙНЫ»
22.00 00.30 «БРАЧНОЕ ЧТИВО»
23.00 Т/С «ГРАЖДАНИН НАЧАЛЬНИК»
01.00 Т/С «ДНЕВНИКИ «КРАСНОЙ ТУФЕЛЬКИ»
01.30 05.00 Т/С «БЕЗМОЛВНЫЙ СВИДЕТЕЛЬ»
02.00 ДОКУМ. ФИЛЬМ
03.05 Т/С «ИЩЕЙКА»
04.05 «ДИАГНОЗ: УБИЙСТВО»
MUSIC
6.00 RUSSIAN MUSIC
7.00 СТЕРЕО_УТРО
9.40 HIT CHART
10.30 ИНДУСТРИЯ МОДЫ
10.55 14.30 СВИДАНИЕ НА ВЫЖИВАНИЕ
11.25 00.10 ТРЕНДИ
11.55 ЗВЕЗДЫ НА ЛАДОНИ
12.25 РУССКАЯ ДЕСЯТКА
13.30 КИНА ВИДЕОИГР
14.00 ТАЧКУ НА ПРОКАЧКУ
14.25 СЛЕДУЮЩИЙ
15.15 HIT CHART
15.40 ЧИКИ & ФРИКИ
16.35 20.10 «ПОДИУМ»
17.30 ИНДУСТРИЯ МОДЫ
17.55 Т/С «СПЛЕТНИЦА»
18.50 22.00 Т/С «СЕКС В БОЛЬШОМ ГОРОДЕ»
19.20 LIVE IN TELE-CLUB
21.00 ЗОЛУШКА 2.0
22.30 Т/С «СПЛЕТНИЦА»
23.25 БИЗНЕС НА КАБЛУКАХ
00.40 WORLD STAGE
01.40 MUSIC
ЦТУ / ТВ3
17.45 «ГОРНЫЕ ВЕСТИ»
19.30 23.00, 01.20, 03.20 «СОБЫТИЯ. ИТОГИ»
20.30 «ПРЯМАЯ ЛИНИЯ. ПРАВО»
21.00 02.20 НОВОСТИ ТАУ
23.30 04.40 «СОБЫТИЯ УРФО»
00.00 «АВТОБАН»
00.55 «ГУРМЭ»
6.00 МУЛЬТФИЛЬМЫ
7.00 ДОКУМ. ФИЛЬМЫ
10.00 18.00 Т/С «АНГАР 13»
11.00 Т/С «КАСЛ»
12.00 Т/С «ДЕЖУРНЫЙ АНГЕЛ»
13.00 ДОКУМ. ФИЛЬМЫ
19.00 Т/С «МЕРЛИН»
21.00 Т/С «СОБЫТИЕ»
22.00 ДОКУМ. ФИЛЬМ
01.00 ЕВРОПЕЙСКИЙ ПОКЕРНЫЙ ТУР
02.00 Т/С «ВСЕ, ЧЕГО ОНА ТАК ЖЕЛАЛА»
04.00 Т/С «АНГЕЛ»
05.00 Т/С «ЗЕНА - КОРОЛЕВА ВОИНОВ»
